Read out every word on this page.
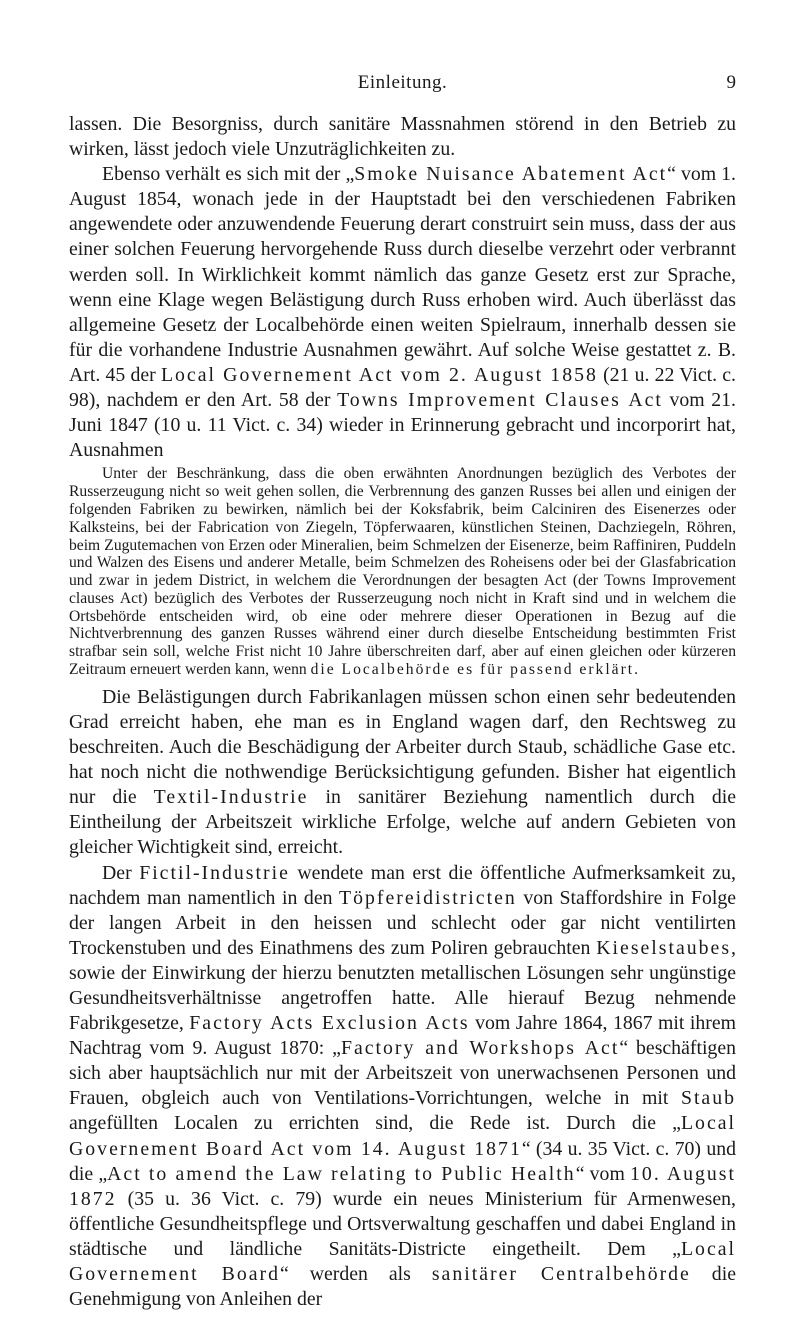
Einleitung.	9

lassen. Die Besorgniss, durch sanitäre Massnahmen störend in den Betrieb zu wirken, lässt jedoch viele Unzuträglichkeiten zu.

Ebenso verhält es sich mit der „Smoke Nuisance Abatement Act“ vom 1. August 1854, wonach jede in der Hauptstadt bei den verschiedenen Fabriken angewendete oder anzuwendende Feuerung derart construirt sein muss, dass der aus einer solchen Feuerung hervorgehende Russ durch dieselbe verzehrt oder verbrannt werden soll. In Wirklichkeit kommt nämlich das ganze Gesetz erst zur Sprache, wenn eine Klage wegen Belästigung durch Russ erhoben wird. Auch überlässt das allgemeine Gesetz der Localbehörde einen weiten Spielraum, innerhalb dessen sie für die vorhandene Industrie Ausnahmen gewährt. Auf solche Weise gestattet z. B. Art. 45 der Local Governement Act vom 2. August 1858 (21 u. 22 Vict. c. 98), nachdem er den Art. 58 der Towns Improvement Clauses Act vom 21. Juni 1847 (10 u. 11 Vict. c. 34) wieder in Erinnerung gebracht und incorporirt hat, Ausnahmen

Unter der Beschränkung, dass die oben erwähnten Anordnungen bezüglich des Verbotes der Russerzeugung nicht so weit gehen sollen, die Verbrennung des ganzen Russes bei allen und einigen der folgenden Fabriken zu bewirken, nämlich bei der Koksfabrik, beim Calciniren des Eisenerzes oder Kalksteins, bei der Fabrication von Ziegeln, Töpferwaaren, künstlichen Steinen, Dachziegeln, Röhren, beim Zugutemachen von Erzen oder Mineralien, beim Schmelzen der Eisenerze, beim Raffiniren, Puddeln und Walzen des Eisens und anderer Metalle, beim Schmelzen des Roheisens oder bei der Glasfabrication und zwar in jedem District, in welchem die Verordnungen der besagten Act (der Towns Improvement clauses Act) bezüglich des Verbotes der Russerzeugung noch nicht in Kraft sind und in welchem die Ortsbehörde entscheiden wird, ob eine oder mehrere dieser Operationen in Bezug auf die Nichtverbrennung des ganzen Russes während einer durch dieselbe Entscheidung bestimmten Frist strafbar sein soll, welche Frist nicht 10 Jahre überschreiten darf, aber auf einen gleichen oder kürzeren Zeitraum erneuert werden kann, wenn die Localbehörde es für passend erklärt.

Die Belästigungen durch Fabrikanlagen müssen schon einen sehr bedeutenden Grad erreicht haben, ehe man es in England wagen darf, den Rechtsweg zu beschreiten. Auch die Beschädigung der Arbeiter durch Staub, schädliche Gase etc. hat noch nicht die nothwendige Berücksichtigung gefunden. Bisher hat eigentlich nur die Textil-Industrie in sanitärer Beziehung namentlich durch die Eintheilung der Arbeitszeit wirkliche Erfolge, welche auf andern Gebieten von gleicher Wichtigkeit sind, erreicht.

Der Fictil-Industrie wendete man erst die öffentliche Aufmerksamkeit zu, nachdem man namentlich in den Töpfereidistricten von Staffordshire in Folge der langen Arbeit in den heissen und schlecht oder gar nicht ventilirten Trockenstuben und des Einathmens des zum Poliren gebrauchten Kieselstaubes, sowie der Einwirkung der hierzu benutzten metallischen Lösungen sehr ungünstige Gesundheitsverhältnisse angetroffen hatte. Alle hierauf Bezug nehmende Fabrikgesetze, Factory Acts Exclusion Acts vom Jahre 1864, 1867 mit ihrem Nachtrag vom 9. August 1870: „Factory and Workshops Act“ beschäftigen sich aber hauptsächlich nur mit der Arbeitszeit von unerwachsenen Personen und Frauen, obgleich auch von Ventilations-Vorrichtungen, welche in mit Staub angefüllten Localen zu errichten sind, die Rede ist. Durch die „Local Governement Board Act vom 14. August 1871“ (34 u. 35 Vict. c. 70) und die „Act to amend the Law relating to Public Health“ vom 10. August 1872 (35 u. 36 Vict. c. 79) wurde ein neues Ministerium für Armenwesen, öffentliche Gesundheitspflege und Ortsverwaltung geschaffen und dabei England in städtische und ländliche Sanitäts-Districte eingetheilt. Dem „Local Governement Board“ werden als sanitärer Centralbehörde die Genehmigung von Anleihen der
